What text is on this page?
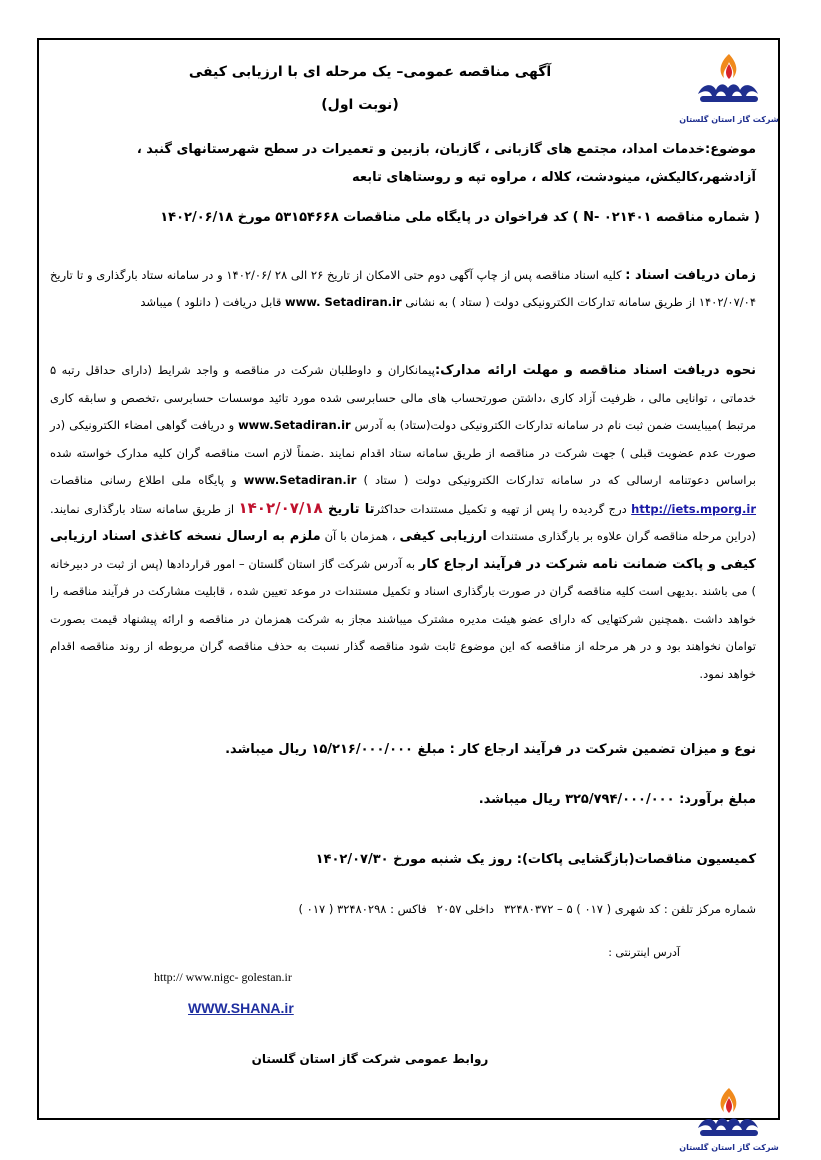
شرکت گاز استان گلستان
آگهی مناقصه عمومی– یک مرحله ای با ارزیابی کیفی
(نوبت اول)
موضوع:خدمات امداد، مجتمع های گازبانی ، گازبان، بازبین و تعمیرات در سطح شهرستانهای گنبد ، آزادشهر،کالیکش، مینودشت، کلاله ، مراوه تپه و روستاهای تابعه
( شماره مناقصه N- ۰۲۱۴۰۱ ) کد فراخوان در پایگاه ملی مناقصات ۵۳۱۵۴۶۶۸ مورخ ۱۴۰۲/۰۶/۱۸
زمان دریافت اسناد : کلیه اسناد مناقصه پس از چاپ آگهی دوم حتی الامکان از تاریخ ۲۶ الی ۲۸ /۱۴۰۲/۰۶ و در سامانه ستاد بارگذاری و تا تاریخ ۱۴۰۲/۰۷/۰۴ از طریق سامانه تدارکات الکترونیکی دولت ( ستاد ) به نشانی www. Setadiran.ir قابل دریافت ( دانلود ) میباشد
نحوه دریافت اسناد مناقصه و مهلت ارائه مدارک:پیمانکاران و داوطلبان شرکت در مناقصه و واجد شرایط (دارای حداقل رتبه ۵ خدماتی ، توانایی مالی ، ظرفیت آزاد کاری ،داشتن صورتحساب های مالی حسابرسی شده مورد تائید موسسات حسابرسی ،تخصص و سابقه کاری مرتبط )میبایست ضمن ثبت نام در سامانه تدارکات الکترونیکی دولت(ستاد) به آدرس www.Setadiran.ir و دریافت گواهی امضاء الکترونیکی (در صورت عدم عضویت قبلی ) جهت شرکت در مناقصه از طریق سامانه ستاد اقدام نمایند .ضمناً لازم است مناقصه گران کلیه مدارک خواسته شده براساس دعوتنامه ارسالی که در سامانه تدارکات الکترونیکی دولت ( ستاد ) www.Setadiran.ir و پایگاه ملی اطلاع رسانی مناقصات http://iets.mporg.ir درج گردیده را پس از تهیه و تکمیل مستندات حداکثرتا تاریخ ۱۴۰۲/۰۷/۱۸ از طریق سامانه ستاد بارگذاری نمایند.(دراین مرحله مناقصه گران علاوه بر بارگذاری مستندات ارزیابی کیفی ، همزمان با آن ملزم به ارسال نسخه کاغذی اسناد ارزیابی کیفی و پاکت ضمانت نامه شرکت در فرآیند ارجاع کار به آدرس شرکت گاز استان گلستان – امور قراردادها (پس از ثبت در دبیرخانه ) می باشند .بدیهی است کلیه مناقصه گران در صورت بارگذاری اسناد و تکمیل مستندات در موعد تعیین شده ، قابلیت مشارکت در فرآیند مناقصه را خواهد داشت .همچنین شرکتهایی که دارای عضو هیئت مدیره مشترک میباشند مجاز به شرکت همزمان در مناقصه و ارائه پیشنهاد قیمت بصورت توامان نخواهند بود و در هر مرحله از مناقصه که این موضوع ثابت شود مناقصه گذار نسبت به حذف مناقصه گران مربوطه از روند مناقصه اقدام خواهد نمود.
نوع و میزان تضمین شرکت در فرآیند ارجاع کار : مبلغ ۱۵/۲۱۶/۰۰۰/۰۰۰ ریال میباشد.
مبلغ برآورد: ۳۲۵/۷۹۴/۰۰۰/۰۰۰ ریال میباشد.
کمیسیون مناقصات(بازگشایی پاکات): روز یک شنبه مورخ ۱۴۰۲/۰۷/۳۰
شماره مرکز تلفن : کد شهری ( ۰۱۷ ) ۵ – ۳۲۴۸۰۳۷۲داخلی ۲۰۵۷فاکس : ۳۲۴۸۰۲۹۸ ( ۰۱۷ )
آدرس اینترنتی :
http:// www.nigc- golestan.ir
WWW.SHANA.ir
روابط عمومی شرکت گاز استان گلستان
شرکت گاز استان گلستان
